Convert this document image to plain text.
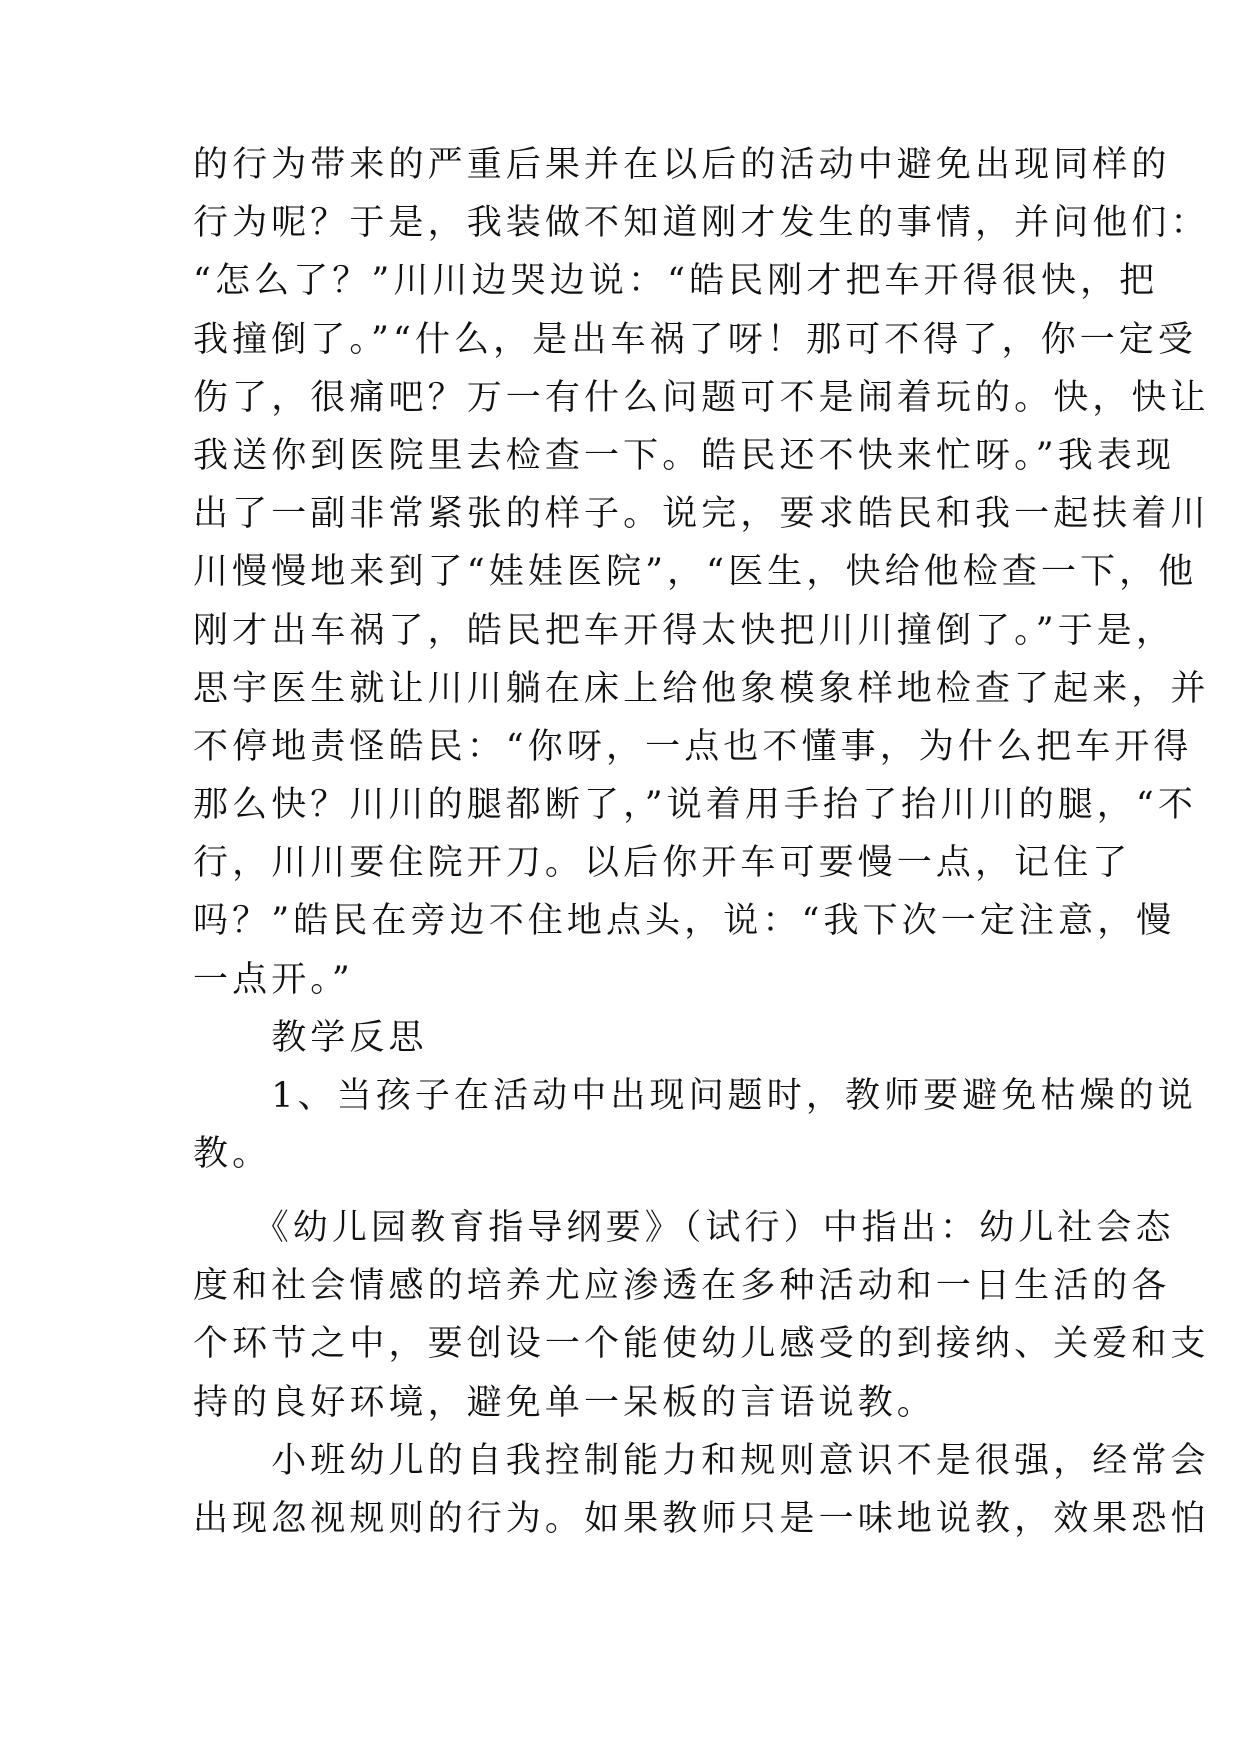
的行为带来的严重后果并在以后的活动中避免出现同样的
行为呢？于是，我装做不知道刚才发生的事情，并问他们：
“怎么了？”川川边哭边说：“皓民刚才把车开得很快，把
我撞倒了。”“什么，是出车祸了呀！那可不得了，你一定受
伤了，很痛吧？万一有什么问题可不是闹着玩的。快，快让
我送你到医院里去检查一下。皓民还不快来忙呀。”我表现
出了一副非常紧张的样子。说完，要求皓民和我一起扶着川
川慢慢地来到了“娃娃医院”，“医生，快给他检查一下，他
刚才出车祸了，皓民把车开得太快把川川撞倒了。”于是，
思宇医生就让川川躺在床上给他象模象样地检查了起来，并
不停地责怪皓民：“你呀，一点也不懂事，为什么把车开得
那么快？川川的腿都断了，”说着用手抬了抬川川的腿，“不
行，川川要住院开刀。以后你开车可要慢一点，记住了
吗？”皓民在旁边不住地点头，说：“我下次一定注意，慢
一点开。”
　　教学反思
　　1、当孩子在活动中出现问题时，教师要避免枯燥的说
教。
　　《幼儿园教育指导纲要》（试行）中指出：幼儿社会态
度和社会情感的培养尤应渗透在多种活动和一日生活的各
个环节之中，要创设一个能使幼儿感受的到接纳、关爱和支
持的良好环境，避免单一呆板的言语说教。
　　小班幼儿的自我控制能力和规则意识不是很强，经常会
出现忽视规则的行为。如果教师只是一味地说教，效果恐怕
